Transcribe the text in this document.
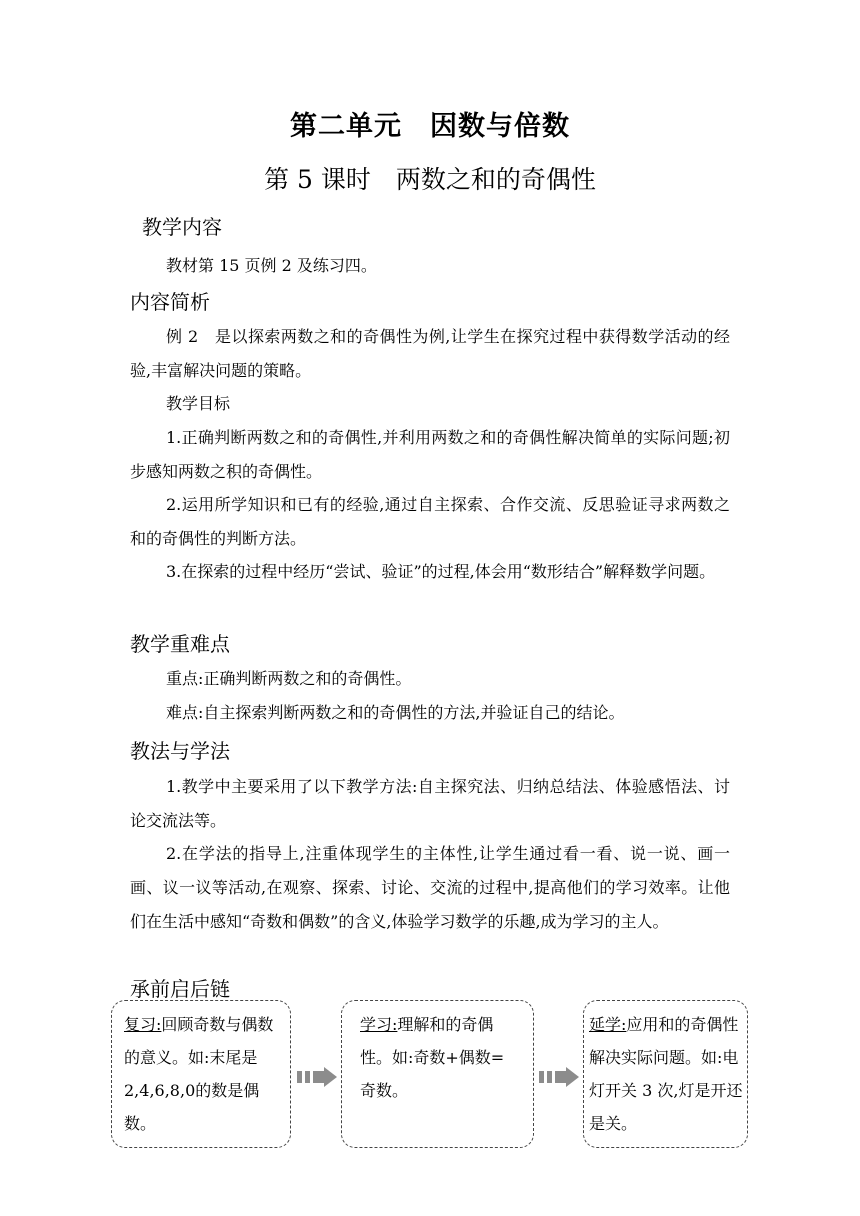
第二单元　因数与倍数
第 5 课时　两数之和的奇偶性
教学内容
教材第 15 页例 2 及练习四。
内容简析
例 2　是以探索两数之和的奇偶性为例,让学生在探究过程中获得数学活动的经验,丰富解决问题的策略。
教学目标
1.正确判断两数之和的奇偶性,并利用两数之和的奇偶性解决简单的实际问题;初步感知两数之积的奇偶性。
2.运用所学知识和已有的经验,通过自主探索、合作交流、反思验证寻求两数之和的奇偶性的判断方法。
3.在探索的过程中经历“尝试、验证”的过程,体会用“数形结合”解释数学问题。
教学重难点
重点:正确判断两数之和的奇偶性。
难点:自主探索判断两数之和的奇偶性的方法,并验证自己的结论。
教法与学法
1.教学中主要采用了以下教学方法:自主探究法、归纳总结法、体验感悟法、讨论交流法等。
2.在学法的指导上,注重体现学生的主体性,让学生通过看一看、说一说、画一画、议一议等活动,在观察、探索、讨论、交流的过程中,提高他们的学习效率。让他们在生活中感知“奇数和偶数”的含义,体验学习数学的乐趣,成为学习的主人。
承前启后链
复习:回顾奇数与偶数的意义。如:末尾是2,4,6,8,0的数是偶数。
学习:理解和的奇偶性。如:奇数+偶数=奇数。
延学:应用和的奇偶性解决实际问题。如:电灯开关 3 次,灯是开还是关。
